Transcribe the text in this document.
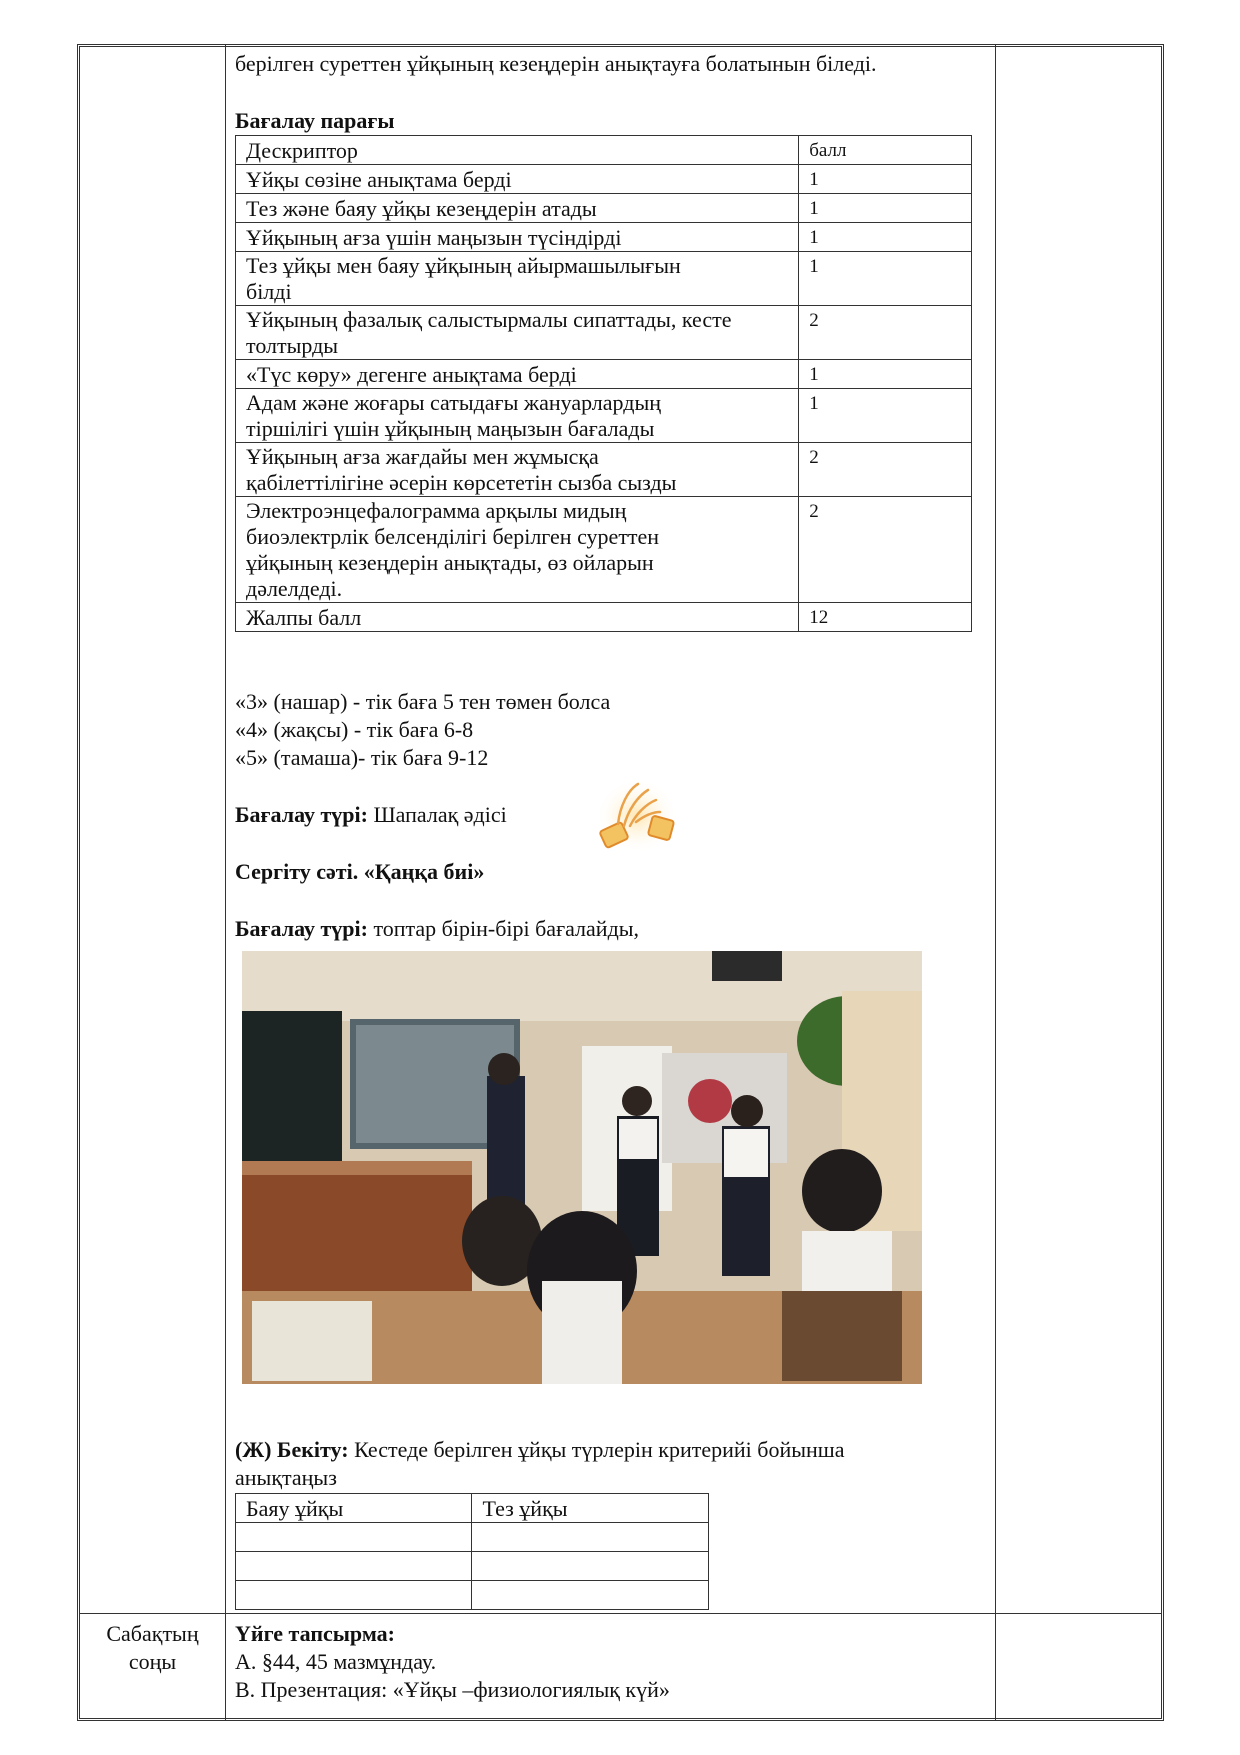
берілген суреттен ұйқының кезеңдерін анықтауға болатынын біледі.
Бағалау парағы
Дескриптор	балл

Ұйқы сөзіне анықтама берді	1

Тез және баяу ұйқы кезеңдерін атады	1

Ұйқының ағза үшін маңызын түсіндірді	1

Тез ұйқы мен баяу ұйқының айырмашылығын
білді	1

Ұйқының фазалық салыстырмалы сипаттады, кесте
толтырды	2

«Түс көру» дегенге анықтама берді	1

Адам және жоғары сатыдағы жануарлардың
тіршілігі үшін ұйқының маңызын бағалады	1

Ұйқының ағза жағдайы мен жұмысқа
қабілеттілігіне әсерін көрсететін сызба сызды	2

Электроэнцефалограмма арқылы мидың
биоэлектрлік белсенділігі берілген суреттен
ұйқының кезеңдерін анықтады, өз ойларын
дәлелдеді.	2

Жалпы балл	12
«3» (нашар) - тік баға 5 тен төмен болса
«4» (жақсы) - тік баға 6-8
«5» (тамаша)- тік баға 9-12
Бағалау түрі: Шапалақ әдісі
Сергіту сәті. «Қаңқа биі»
Бағалау түрі: топтар бірін-бірі бағалайды,
(Ж) Бекіту: Кестеде берілген ұйқы түрлерін критерийі бойынша
анықтаңыз
Баяу ұйқы	Тез ұйқы

Сабақтың
соңы
Үйге тапсырма:
А. §44, 45 мазмұндау.
В. Презентация: «Ұйқы –физиологиялық күй»
